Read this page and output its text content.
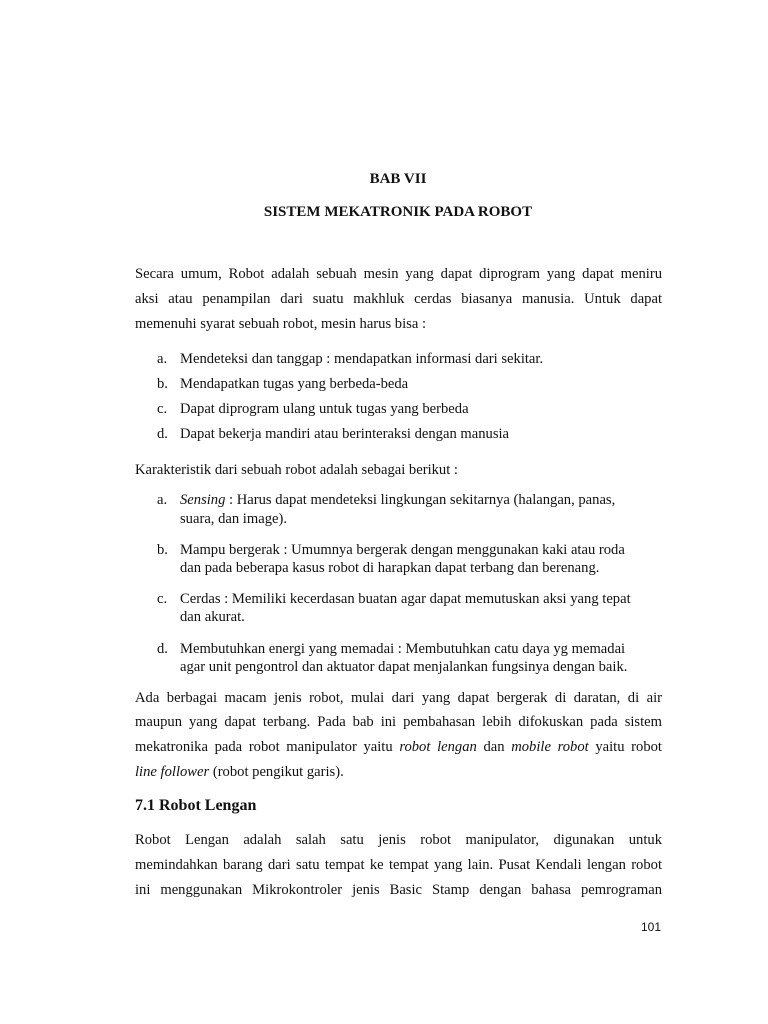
BAB VII

SISTEM MEKATRONIK PADA ROBOT

Secara umum, Robot adalah sebuah mesin yang dapat diprogram yang dapat meniru
aksi atau penampilan dari suatu makhluk cerdas biasanya manusia. Untuk dapat
memenuhi syarat sebuah robot, mesin harus bisa :
a. Mendeteksi dan tanggap : mendapatkan informasi dari sekitar.
b. Mendapatkan tugas yang berbeda-beda
c. Dapat diprogram ulang untuk tugas yang berbeda
d. Dapat bekerja mandiri atau berinteraksi dengan manusia
Karakteristik dari sebuah robot adalah sebagai berikut :
a. Sensing : Harus dapat mendeteksi lingkungan sekitarnya (halangan, panas,
suara, dan image).
b. Mampu bergerak : Umumnya bergerak dengan menggunakan kaki atau roda
dan pada beberapa kasus robot di harapkan dapat terbang dan berenang.
c. Cerdas : Memiliki kecerdasan buatan agar dapat memutuskan aksi yang tepat
dan akurat.
d. Membutuhkan energi yang memadai : Membutuhkan catu daya yg memadai
agar unit pengontrol dan aktuator dapat menjalankan fungsinya dengan baik.
Ada berbagai macam jenis robot, mulai dari yang dapat bergerak di daratan, di air
maupun yang dapat terbang. Pada bab ini pembahasan lebih difokuskan pada sistem
mekatronika pada robot manipulator yaitu robot lengan dan mobile robot yaitu robot
line follower (robot pengikut garis).
7.1 Robot Lengan
Robot Lengan adalah salah satu jenis robot manipulator, digunakan untuk
memindahkan barang dari satu tempat ke tempat yang lain. Pusat Kendali lengan robot
ini menggunakan Mikrokontroler jenis Basic Stamp dengan bahasa pemrograman
101
